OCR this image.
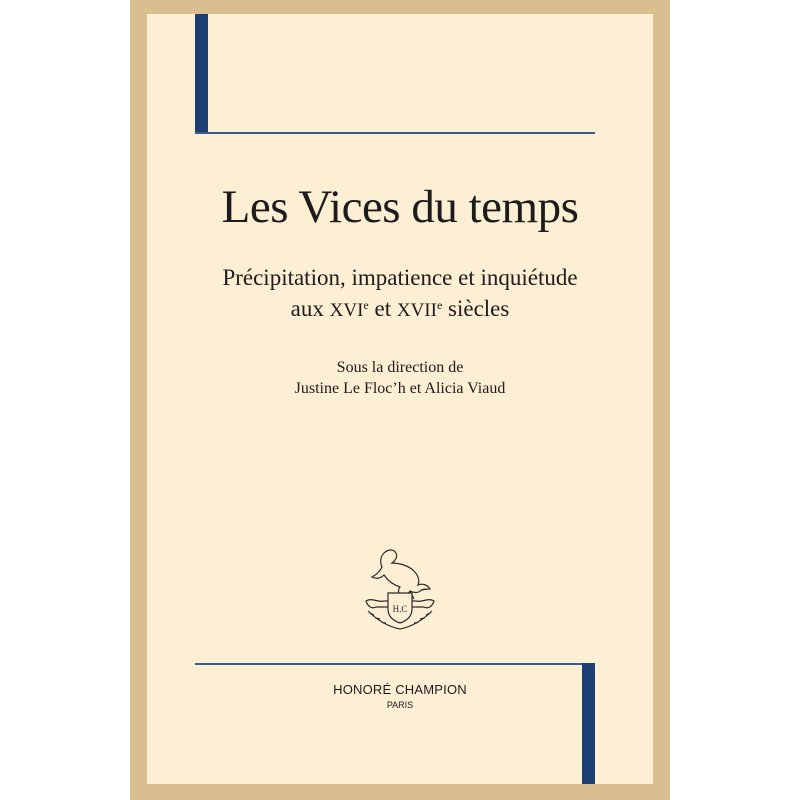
Les Vices du temps
Précipitation, impatience et inquiétude
aux XVIe et XVIIe siècles
Sous la direction de
Justine Le Floc’h et Alicia Viaud
H.C
HONORÉ CHAMPION
PARIS
